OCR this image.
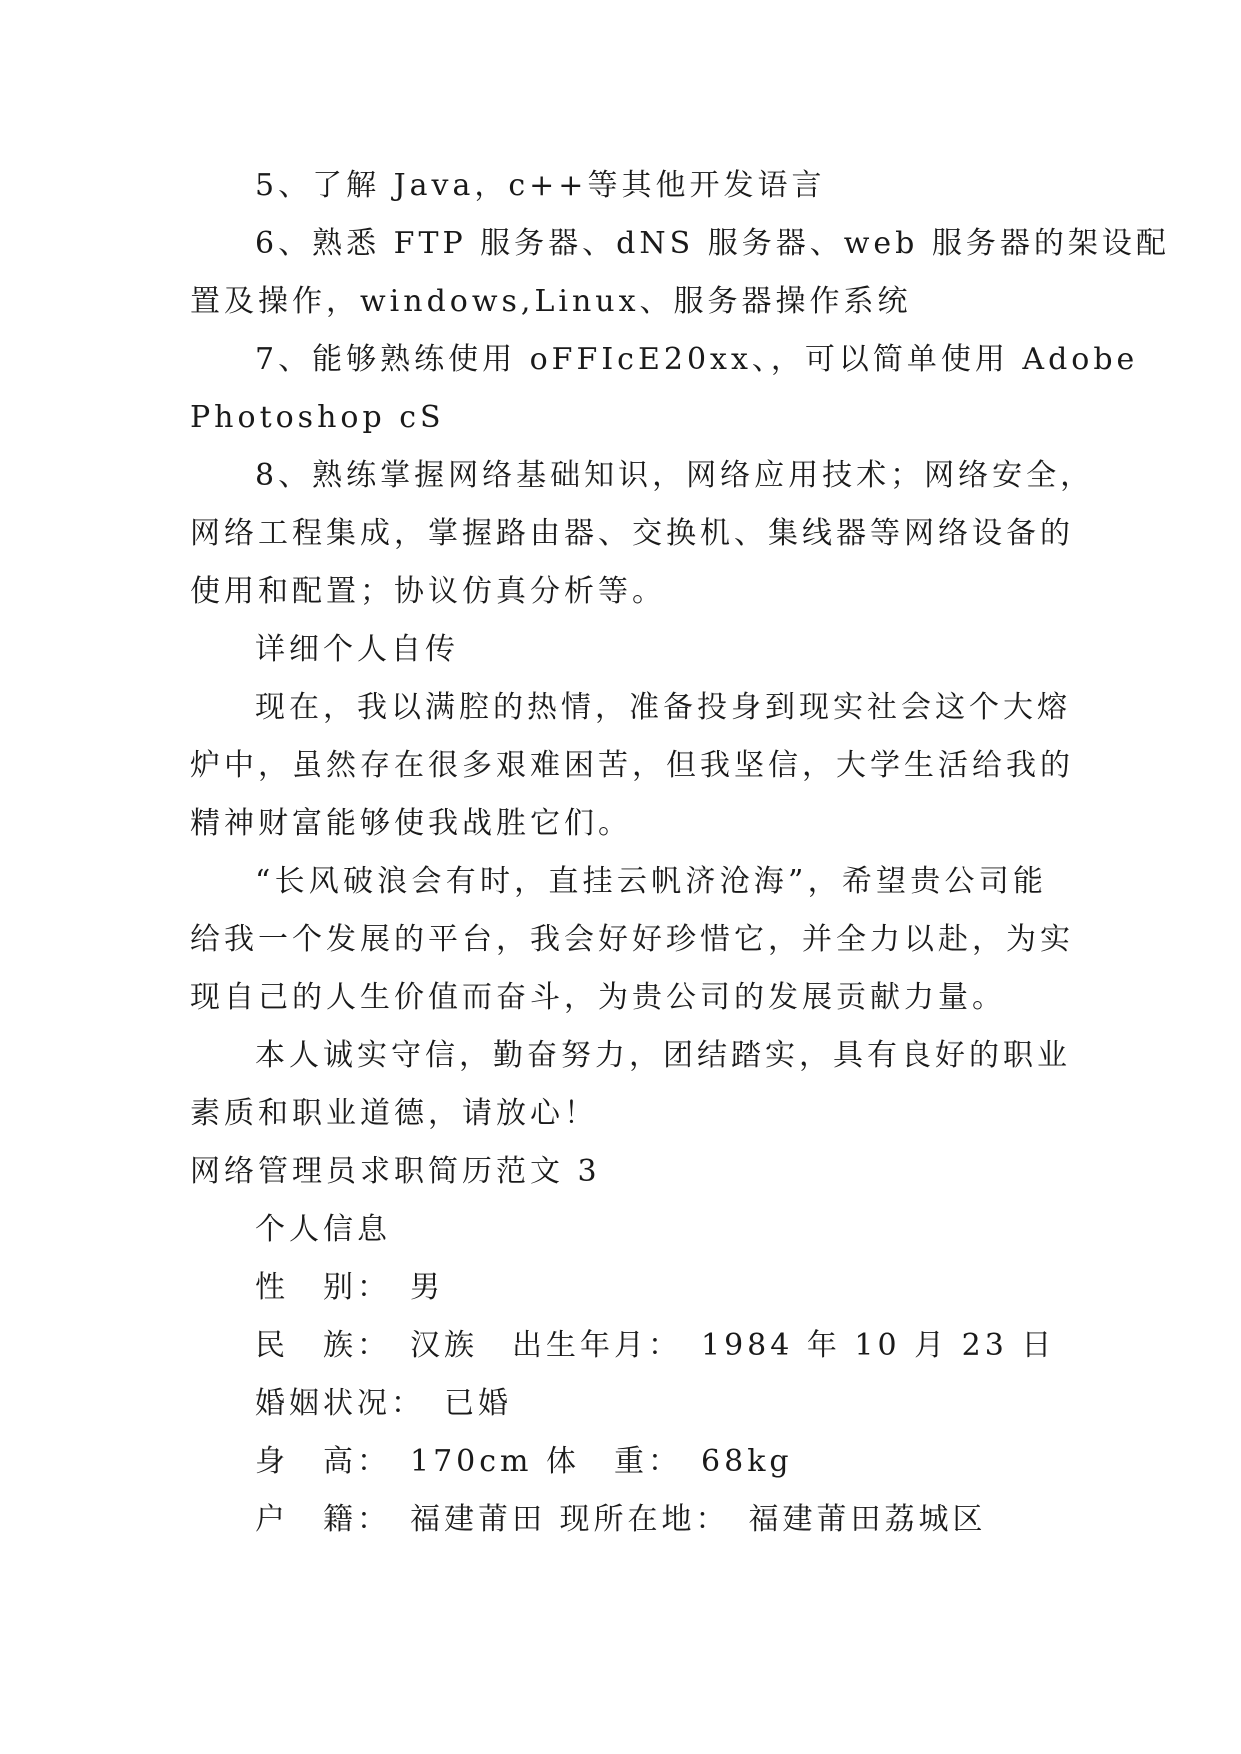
5、了解 Java，c++等其他开发语言
6、熟悉 FTP 服务器、dNS 服务器、web 服务器的架设配
置及操作，windows,Linux、服务器操作系统
7、能够熟练使用 oFFIcE20xx、，可以简单使用 Adobe
Photoshop cS
8、熟练掌握网络基础知识，网络应用技术；网络安全，
网络工程集成，掌握路由器、交换机、集线器等网络设备的
使用和配置；协议仿真分析等。
详细个人自传
现在，我以满腔的热情，准备投身到现实社会这个大熔
炉中，虽然存在很多艰难困苦，但我坚信，大学生活给我的
精神财富能够使我战胜它们。
“长风破浪会有时，直挂云帆济沧海”，希望贵公司能
给我一个发展的平台，我会好好珍惜它，并全力以赴，为实
现自己的人生价值而奋斗，为贵公司的发展贡献力量。
本人诚实守信，勤奋努力，团结踏实，具有良好的职业
素质和职业道德，请放心！
网络管理员求职简历范文 3
个人信息
性　别：　男
民　族：　汉族　出生年月：　1984 年 10 月 23 日
婚姻状况：　已婚
身　高：　170cm 体　重：　68kg
户　籍：　福建莆田 现所在地：　福建莆田荔城区
